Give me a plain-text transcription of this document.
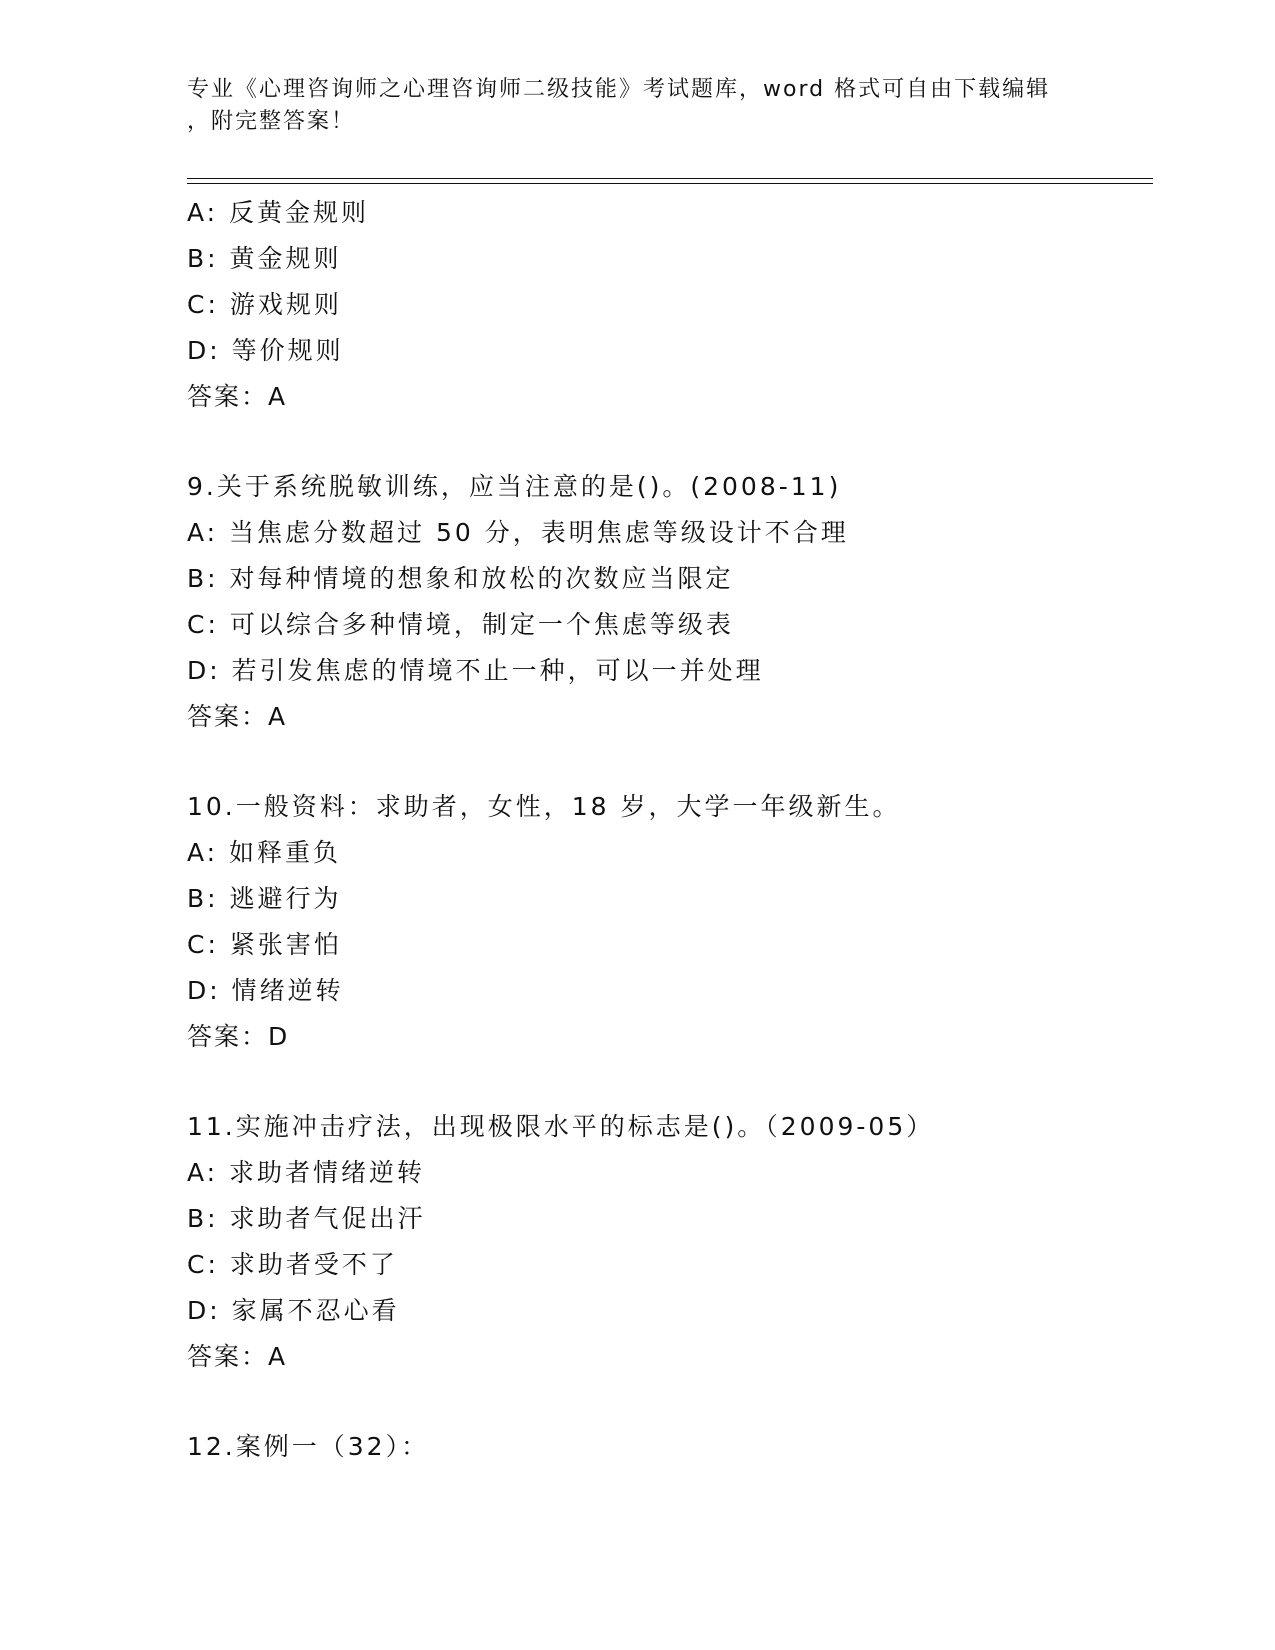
专业《心理咨询师之心理咨询师二级技能》考试题库，word 格式可自由下载编辑
，附完整答案！
A: 反黄金规则
B: 黄金规则
C: 游戏规则
D: 等价规则
答案：A
9.关于系统脱敏训练，应当注意的是()。(2008-11)
A: 当焦虑分数超过 50 分，表明焦虑等级设计不合理
B: 对每种情境的想象和放松的次数应当限定
C: 可以综合多种情境，制定一个焦虑等级表
D: 若引发焦虑的情境不止一种，可以一并处理
答案：A
10.一般资料：求助者，女性，18 岁，大学一年级新生。
A: 如释重负
B: 逃避行为
C: 紧张害怕
D: 情绪逆转
答案：D
11.实施冲击疗法，出现极限水平的标志是()。（2009-05）
A: 求助者情绪逆转
B: 求助者气促出汗
C: 求助者受不了
D: 家属不忍心看
答案：A
12.案例一（32）：
